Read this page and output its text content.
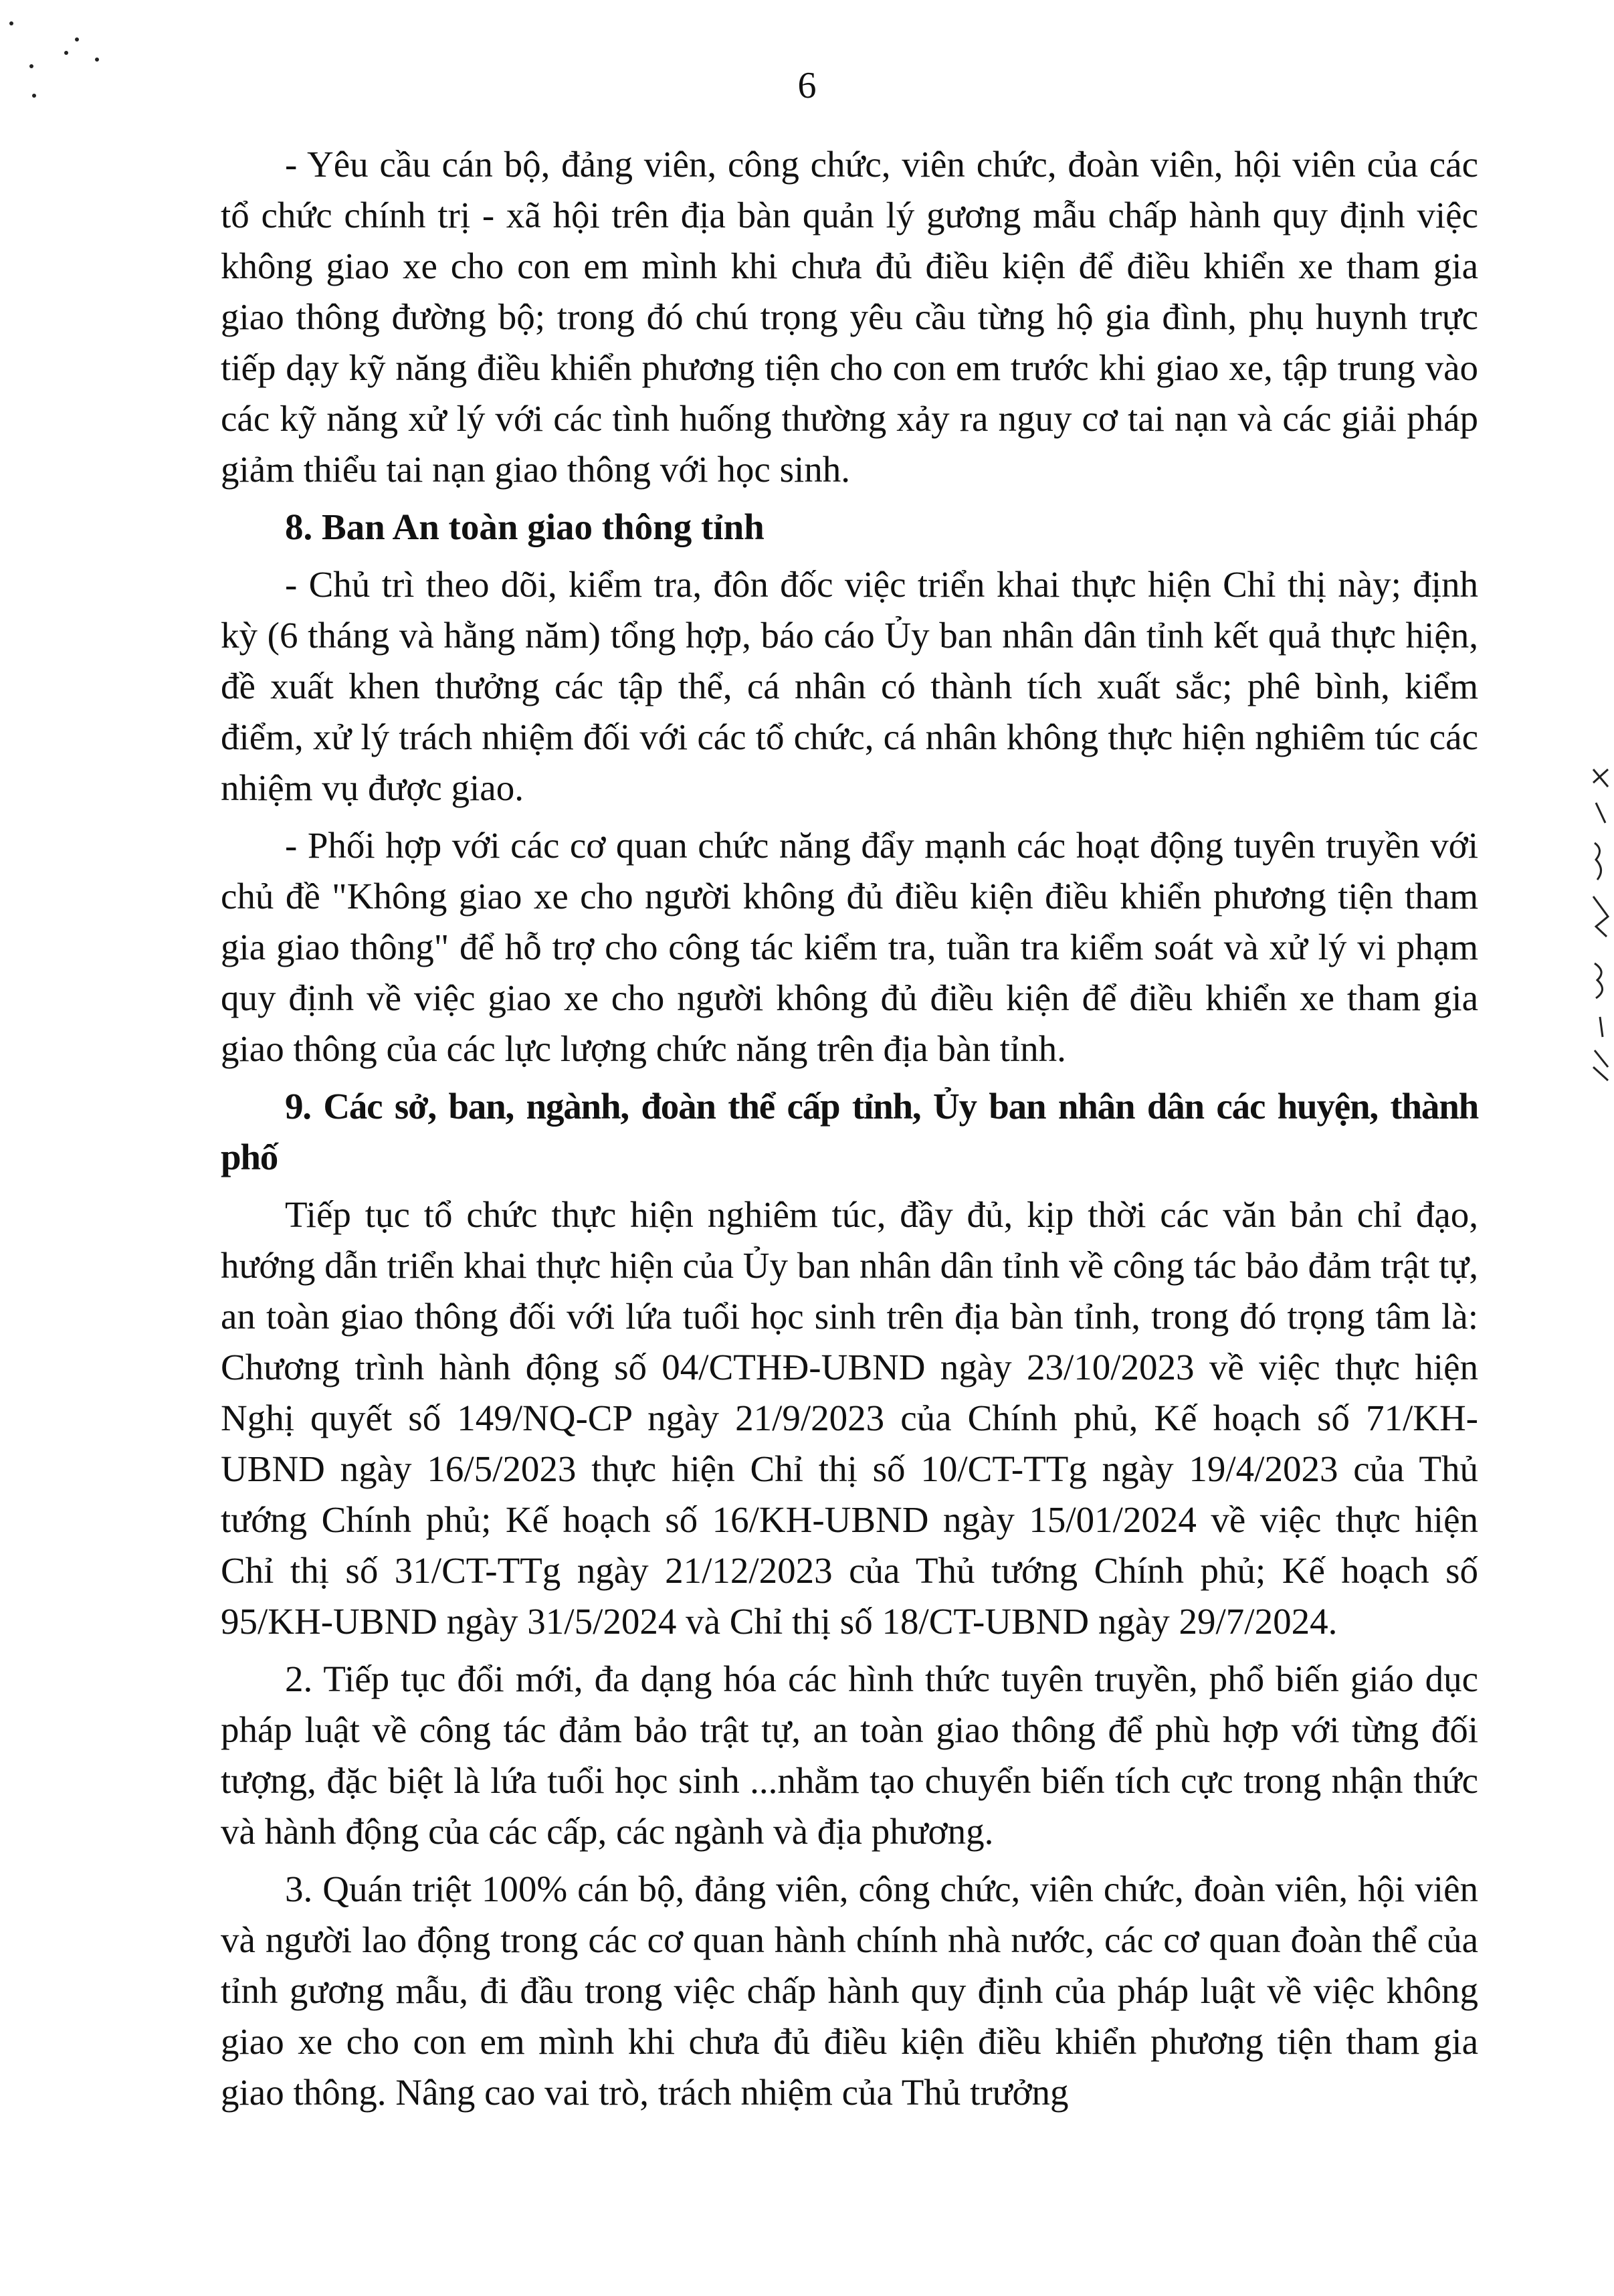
6

- Yêu cầu cán bộ, đảng viên, công chức, viên chức, đoàn viên, hội viên của các tổ chức chính trị - xã hội trên địa bàn quản lý gương mẫu chấp hành quy định việc không giao xe cho con em mình khi chưa đủ điều kiện để điều khiển xe tham gia giao thông đường bộ; trong đó chú trọng yêu cầu từng hộ gia đình, phụ huynh trực tiếp dạy kỹ năng điều khiển phương tiện cho con em trước khi giao xe, tập trung vào các kỹ năng xử lý với các tình huống thường xảy ra nguy cơ tai nạn và các giải pháp giảm thiểu tai nạn giao thông với học sinh.

8. Ban An toàn giao thông tỉnh

- Chủ trì theo dõi, kiểm tra, đôn đốc việc triển khai thực hiện Chỉ thị này; định kỳ (6 tháng và hằng năm) tổng hợp, báo cáo Ủy ban nhân dân tỉnh kết quả thực hiện, đề xuất khen thưởng các tập thể, cá nhân có thành tích xuất sắc; phê bình, kiểm điểm, xử lý trách nhiệm đối với các tổ chức, cá nhân không thực hiện nghiêm túc các nhiệm vụ được giao.

- Phối hợp với các cơ quan chức năng đẩy mạnh các hoạt động tuyên truyền với chủ đề "Không giao xe cho người không đủ điều kiện điều khiển phương tiện tham gia giao thông" để hỗ trợ cho công tác kiểm tra, tuần tra kiểm soát và xử lý vi phạm quy định về việc giao xe cho người không đủ điều kiện để điều khiển xe tham gia giao thông của các lực lượng chức năng trên địa bàn tỉnh.

9. Các sở, ban, ngành, đoàn thể cấp tỉnh, Ủy ban nhân dân các huyện, thành phố

Tiếp tục tổ chức thực hiện nghiêm túc, đầy đủ, kịp thời các văn bản chỉ đạo, hướng dẫn triển khai thực hiện của Ủy ban nhân dân tỉnh về công tác bảo đảm trật tự, an toàn giao thông đối với lứa tuổi học sinh trên địa bàn tỉnh, trong đó trọng tâm là: Chương trình hành động số 04/CTHĐ-UBND ngày 23/10/2023 về việc thực hiện Nghị quyết số 149/NQ-CP ngày 21/9/2023 của Chính phủ, Kế hoạch số 71/KH-UBND ngày 16/5/2023 thực hiện Chỉ thị số 10/CT-TTg ngày 19/4/2023 của Thủ tướng Chính phủ; Kế hoạch số 16/KH-UBND ngày 15/01/2024 về việc thực hiện Chỉ thị số 31/CT-TTg ngày 21/12/2023 của Thủ tướng Chính phủ; Kế hoạch số 95/KH-UBND ngày 31/5/2024 và Chỉ thị số 18/CT-UBND ngày 29/7/2024.

2. Tiếp tục đổi mới, đa dạng hóa các hình thức tuyên truyền, phổ biến giáo dục pháp luật về công tác đảm bảo trật tự, an toàn giao thông để phù hợp với từng đối tượng, đặc biệt là lứa tuổi học sinh ...nhằm tạo chuyển biến tích cực trong nhận thức và hành động của các cấp, các ngành và địa phương.

3. Quán triệt 100% cán bộ, đảng viên, công chức, viên chức, đoàn viên, hội viên và người lao động trong các cơ quan hành chính nhà nước, các cơ quan đoàn thể của tỉnh gương mẫu, đi đầu trong việc chấp hành quy định của pháp luật về việc không giao xe cho con em mình khi chưa đủ điều kiện điều khiển phương tiện tham gia giao thông. Nâng cao vai trò, trách nhiệm của Thủ trưởng
